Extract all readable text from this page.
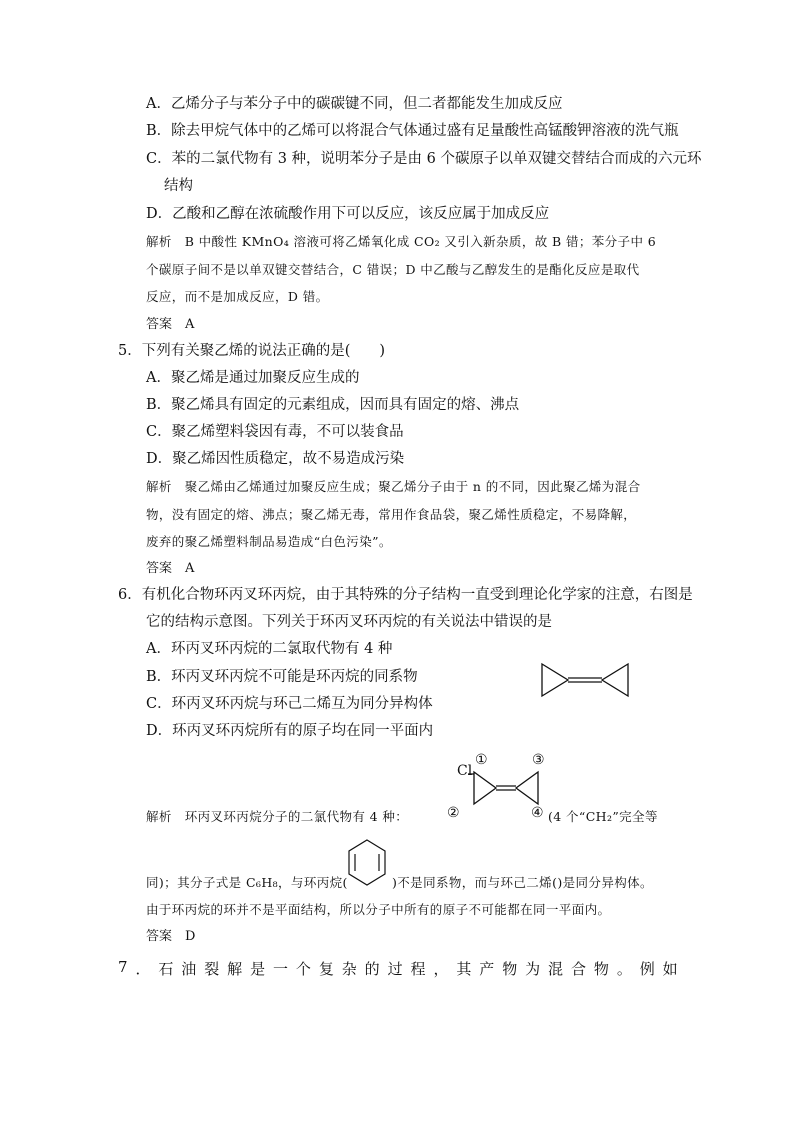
A．乙烯分子与苯分子中的碳碳键不同，但二者都能发生加成反应
B．除去甲烷气体中的乙烯可以将混合气体通过盛有足量酸性高锰酸钾溶液的洗气瓶
C．苯的二氯代物有 3 种，说明苯分子是由 6 个碳原子以单双键交替结合而成的六元环
结构
D．乙酸和乙醇在浓硫酸作用下可以反应，该反应属于加成反应
解析　B 中酸性 KMnO₄ 溶液可将乙烯氧化成 CO₂ 又引入新杂质，故 B 错；苯分子中 6
个碳原子间不是以单双键交替结合，C 错误；D 中乙酸与乙醇发生的是酯化反应是取代
反应，而不是加成反应，D 错。
答案　A
5．下列有关聚乙烯的说法正确的是(　　)
A．聚乙烯是通过加聚反应生成的
B．聚乙烯具有固定的元素组成，因而具有固定的熔、沸点
C．聚乙烯塑料袋因有毒，不可以装食品
D．聚乙烯因性质稳定，故不易造成污染
解析　聚乙烯由乙烯通过加聚反应生成；聚乙烯分子由于 n 的不同，因此聚乙烯为混合
物，没有固定的熔、沸点；聚乙烯无毒，常用作食品袋，聚乙烯性质稳定，不易降解，
废弃的聚乙烯塑料制品易造成“白色污染”。
答案　A
6．有机化合物环丙叉环丙烷，由于其特殊的分子结构一直受到理论化学家的注意，右图是
它的结构示意图。下列关于环丙叉环丙烷的有关说法中错误的是
A．环丙叉环丙烷的二氯取代物有 4 种
B．环丙叉环丙烷不可能是环丙烷的同系物
C．环丙叉环丙烷与环己二烯互为同分异构体
D．环丙叉环丙烷所有的原子均在同一平面内
Cl
①
②
③
解析　环丙叉环丙烷分子的二氯代物有 4 种：	④ (4 个“CH₂”完全等
同)；其分子式是 C₆H₈，与环丙烷(	)不是同系物，而与环己二烯()是同分异构体。
由于环丙烷的环并不是平面结构，所以分子中所有的原子不可能都在同一平面内。
答案　D
7 ． 石 油 裂 解 是 一 个 复 杂 的 过 程 ， 其 产 物 为 混 合 物 。 例 如
